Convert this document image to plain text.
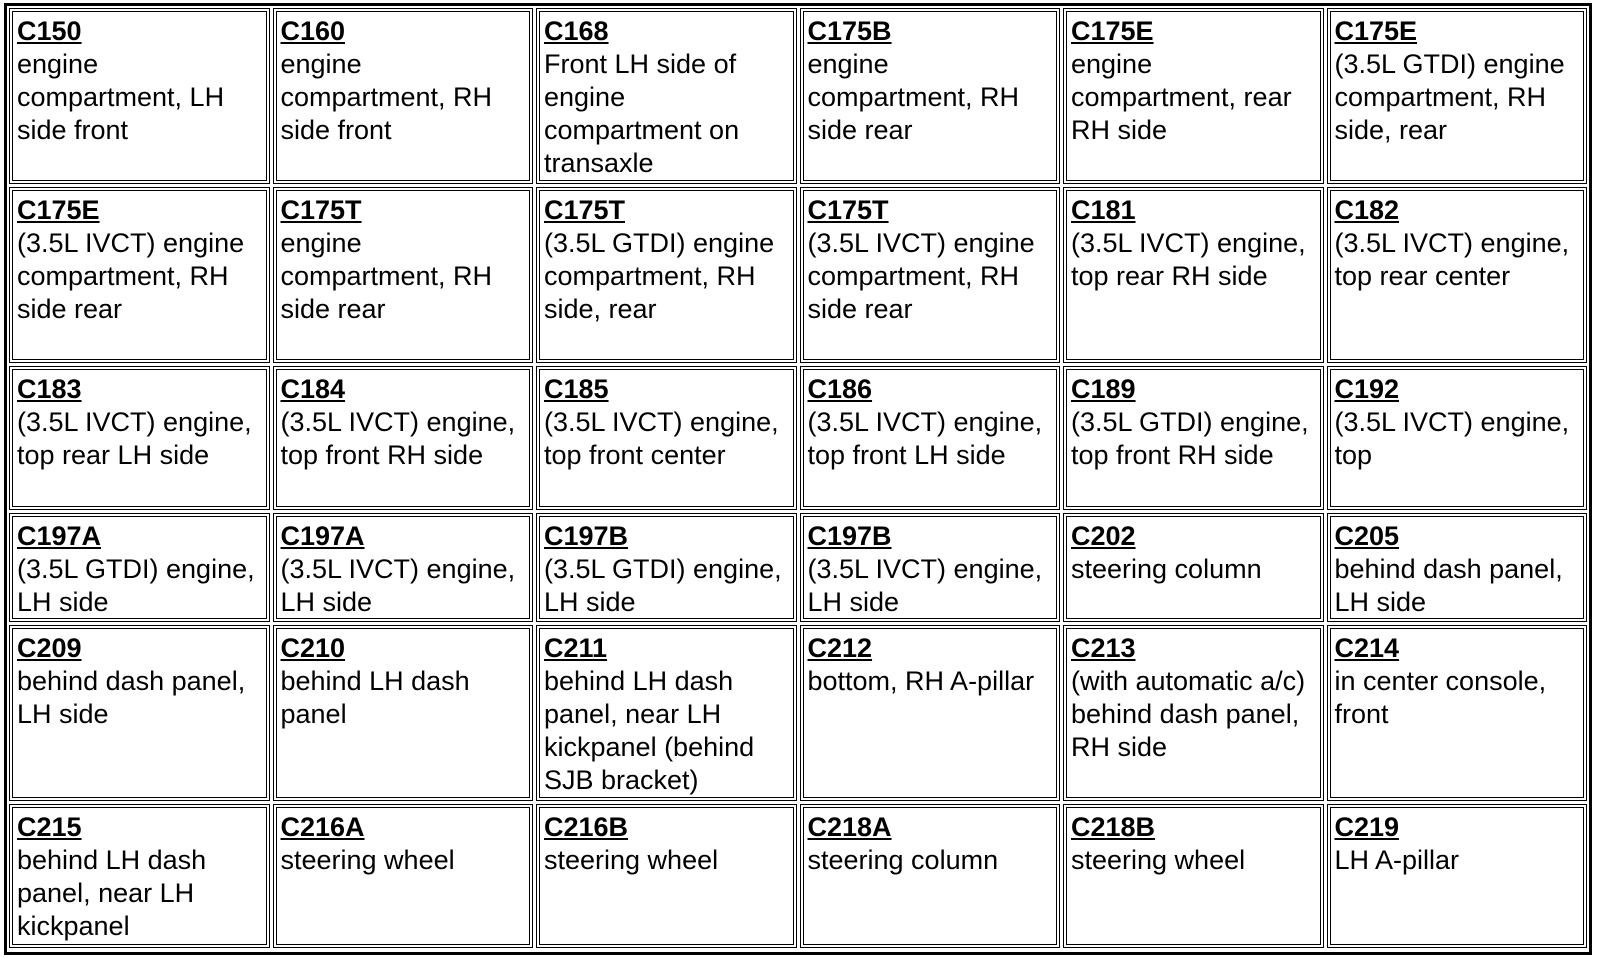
C150
engine compartment, LH side front
C160
engine compartment, RH side front
C168
Front LH side of engine compartment on transaxle
C175B
engine compartment, RH side rear
C175E
engine compartment, rear RH side
C175E
(3.5L GTDI) engine compartment, RH side, rear
C175E
(3.5L IVCT) engine compartment, RH side rear
C175T
engine compartment, RH side rear
C175T
(3.5L GTDI) engine compartment, RH side, rear
C175T
(3.5L IVCT) engine compartment, RH side rear
C181
(3.5L IVCT) engine, top rear RH side
C182
(3.5L IVCT) engine, top rear center
C183
(3.5L IVCT) engine, top rear LH side
C184
(3.5L IVCT) engine, top front RH side
C185
(3.5L IVCT) engine, top front center
C186
(3.5L IVCT) engine, top front LH side
C189
(3.5L GTDI) engine, top front RH side
C192
(3.5L IVCT) engine, top
C197A
(3.5L GTDI) engine, LH side
C197A
(3.5L IVCT) engine, LH side
C197B
(3.5L GTDI) engine, LH side
C197B
(3.5L IVCT) engine, LH side
C202
steering column
C205
behind dash panel, LH side
C209
behind dash panel, LH side
C210
behind LH dash panel
C211
behind LH dash panel, near LH kickpanel (behind SJB bracket)
C212
bottom, RH A-pillar
C213
(with automatic a/c) behind dash panel, RH side
C214
in center console, front
C215
behind LH dash panel, near LH kickpanel
C216A
steering wheel
C216B
steering wheel
C218A
steering column
C218B
steering wheel
C219
LH A-pillar
